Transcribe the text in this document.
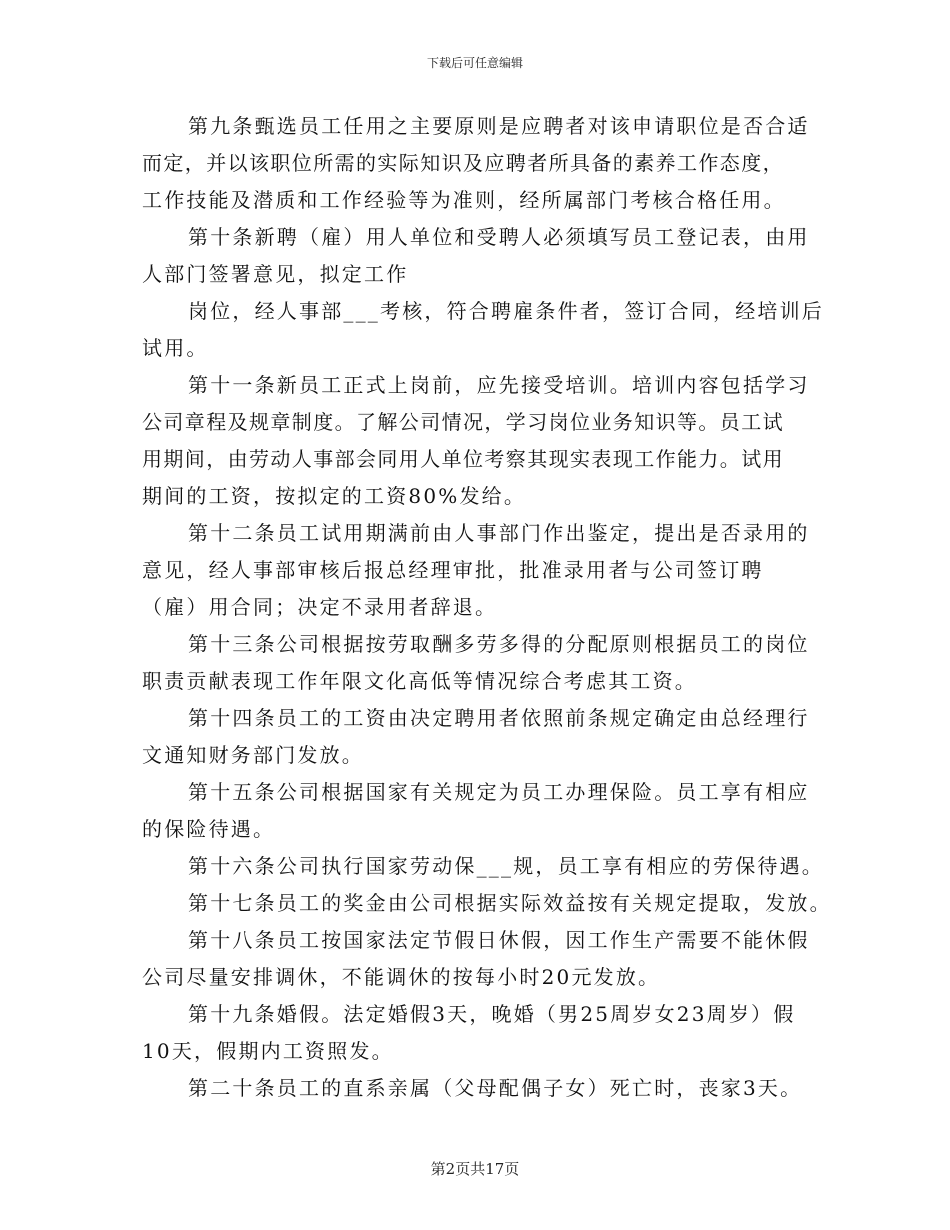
下载后可任意编辑
第九条甄选员工任用之主要原则是应聘者对该申请职位是否合适
而定，并以该职位所需的实际知识及应聘者所具备的素养工作态度，
工作技能及潜质和工作经验等为准则，经所属部门考核合格任用。
第十条新聘（雇）用人单位和受聘人必须填写员工登记表，由用
人部门签署意见，拟定工作
岗位，经人事部___考核，符合聘雇条件者，签订合同，经培训后
试用。
第十一条新员工正式上岗前，应先接受培训。培训内容包括学习
公司章程及规章制度。了解公司情况，学习岗位业务知识等。员工试
用期间，由劳动人事部会同用人单位考察其现实表现工作能力。试用
期间的工资，按拟定的工资80%发给。
第十二条员工试用期满前由人事部门作出鉴定，提出是否录用的
意见，经人事部审核后报总经理审批，批准录用者与公司签订聘
（雇）用合同；决定不录用者辞退。
第十三条公司根据按劳取酬多劳多得的分配原则根据员工的岗位
职责贡献表现工作年限文化高低等情况综合考虑其工资。
第十四条员工的工资由决定聘用者依照前条规定确定由总经理行
文通知财务部门发放。
第十五条公司根据国家有关规定为员工办理保险。员工享有相应
的保险待遇。
第十六条公司执行国家劳动保___规，员工享有相应的劳保待遇。
第十七条员工的奖金由公司根据实际效益按有关规定提取，发放。
第十八条员工按国家法定节假日休假，因工作生产需要不能休假
公司尽量安排调休，不能调休的按每小时20元发放。
第十九条婚假。法定婚假3天，晚婚（男25周岁女23周岁）假
10天，假期内工资照发。
第二十条员工的直系亲属（父母配偶子女）死亡时，丧家3天。
第2页共17页
